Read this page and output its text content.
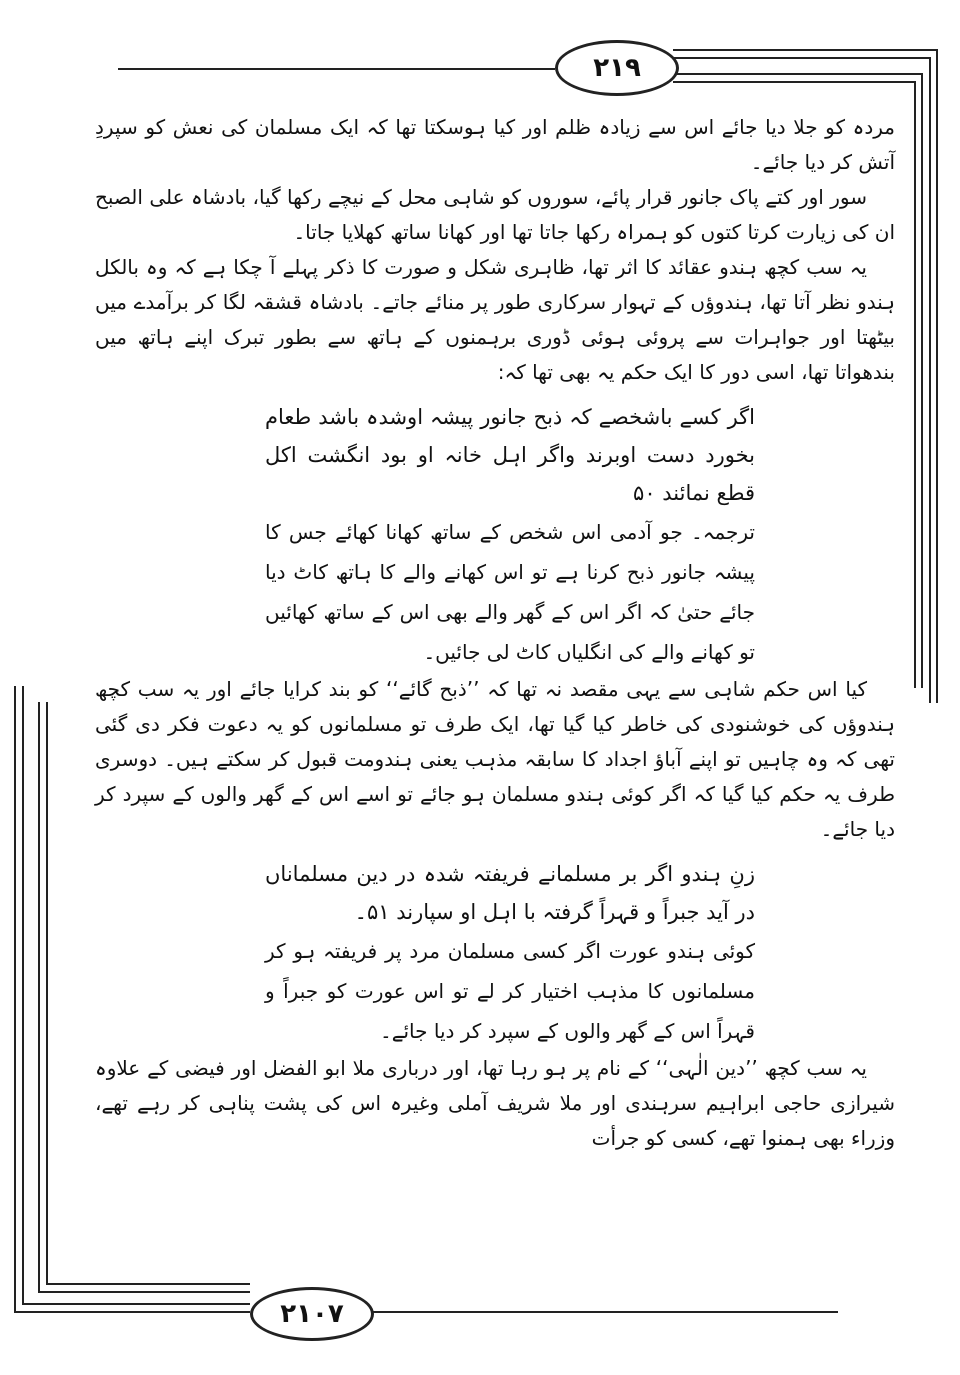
۲۱۹

مردہ کو جلا دیا جائے اس سے زیادہ ظلم اور کیا ہوسکتا تھا کہ ایک مسلمان کی نعش کو سپردِ آتش کر دیا جائے۔

سور اور کتے پاک جانور قرار پائے، سوروں کو شاہی محل کے نیچے رکھا گیا، بادشاہ علی الصبح ان کی زیارت کرتا کتوں کو ہمراہ رکھا جاتا تھا اور کھانا ساتھ کھلایا جاتا۔

یہ سب کچھ ہندو عقائد کا اثر تھا، ظاہری شکل و صورت کا ذکر پہلے آ چکا ہے کہ وہ بالکل ہندو نظر آتا تھا، ہندوؤں کے تہوار سرکاری طور پر منائے جاتے۔ بادشاہ قشقہ لگا کر برآمدے میں بیٹھتا اور جواہرات سے پروئی ہوئی ڈوری برہمنوں کے ہاتھ سے بطور تبرک اپنے ہاتھ میں بندھواتا تھا، اسی دور کا ایک حکم یہ بھی تھا کہ:

اگر کسے باشخصے کہ ذبح جانور پیشہ اوشدہ باشد طعام بخورد دست اوبرند واگر اہل خانہ او بود انگشت اکل قطع نمائند ۵۰

ترجمہ۔ جو آدمی اس شخص کے ساتھ کھانا کھائے جس کا پیشہ جانور ذبح کرنا ہے تو اس کھانے والے کا ہاتھ کاٹ دیا جائے حتیٰ کہ اگر اس کے گھر والے بھی اس کے ساتھ کھائیں تو کھانے والے کی انگلیاں کاٹ لی جائیں۔

کیا اس حکم شاہی سے یہی مقصد نہ تھا کہ ’’ذبح گائے‘‘ کو بند کرایا جائے اور یہ سب کچھ ہندوؤں کی خوشنودی کی خاطر کیا گیا تھا، ایک طرف تو مسلمانوں کو یہ دعوت فکر دی گئی تھی کہ وہ چاہیں تو اپنے آباؤ اجداد کا سابقہ مذہب یعنی ہندومت قبول کر سکتے ہیں۔ دوسری طرف یہ حکم کیا گیا کہ اگر کوئی ہندو مسلمان ہو جائے تو اسے اس کے گھر والوں کے سپرد کر دیا جائے۔

زنِ ہندو اگر بر مسلمانے فریفتہ شدہ در دین مسلماناں در آید جبراً و قہراً گرفتہ با اہل او سپارند ۵۱۔

کوئی ہندو عورت اگر کسی مسلمان مرد پر فریفتہ ہو کر مسلمانوں کا مذہب اختیار کر لے تو اس عورت کو جبراً و قہراً اس کے گھر والوں کے سپرد کر دیا جائے۔

یہ سب کچھ ’’دین الٰہی‘‘ کے نام پر ہو رہا تھا، اور درباری ملا ابو الفضل اور فیضی کے علاوہ شیرازی حاجی ابراہیم سرہندی اور ملا شریف آملی وغیرہ اس کی پشت پناہی کر رہے تھے، وزراء بھی ہمنوا تھے، کسی کو جرأت

۲۱۰۷
